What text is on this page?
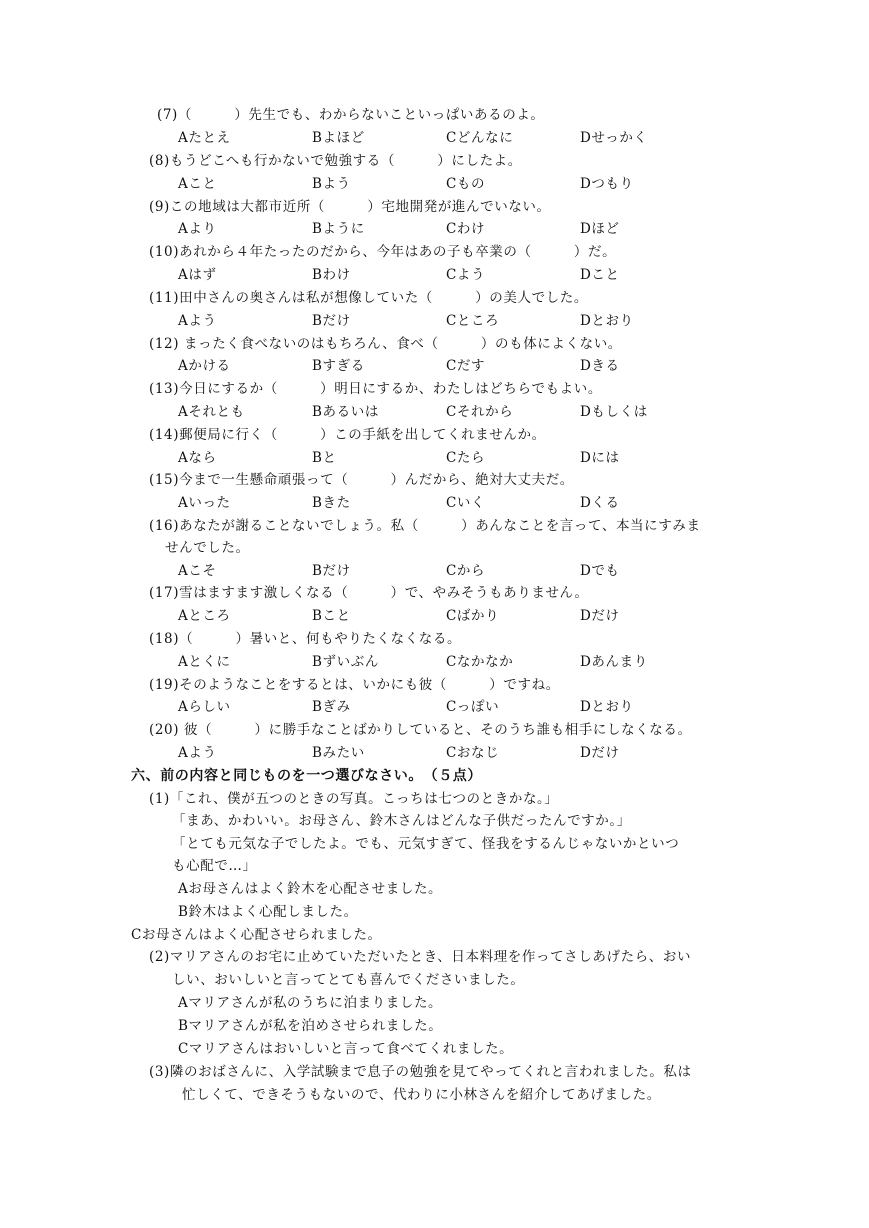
(7)（　　　）先生でも、わからないこといっぱいあるのよ。
Aたとえ	Bよほど	Cどんなに	Dせっかく
(8)もうどこへも行かないで勉強する（　　　）にしたよ。
Aこと	Bよう	Cもの	Dつもり
(9)この地域は大都市近所（　　　）宅地開発が進んでいない。
Aより	Bように	Cわけ	Dほど
(10)あれから４年たったのだから、今年はあの子も卒業の（　　　）だ。
Aはず	Bわけ	Cよう	Dこと
(11)田中さんの奥さんは私が想像していた（　　　）の美人でした。
Aよう	Bだけ	Cところ	Dとおり
(12) まったく食べないのはもちろん、食べ（　　　）のも体によくない。
Aかける	Bすぎる	Cだす	Dきる
(13)今日にするか（　　　）明日にするか、わたしはどちらでもよい。
Aそれとも	Bあるいは	Cそれから	Dもしくは
(14)郵便局に行く（　　　）この手紙を出してくれませんか。
Aなら	Bと	Cたら	Dには
(15)今まで一生懸命頑張って（　　　）んだから、絶対大丈夫だ。
Aいった	Bきた	Cいく	Dくる
(16)あなたが謝ることないでしょう。私（　　　）あんなことを言って、本当にすみま
せんでした。
Aこそ	Bだけ	Cから	Dでも
(17)雪はますます激しくなる（　　　）で、やみそうもありません。
Aところ	Bこと	Cばかり	Dだけ
(18)（　　　）暑いと、何もやりたくなくなる。
Aとくに	Bずいぶん	Cなかなか	Dあんまり
(19)そのようなことをするとは、いかにも彼（　　　）ですね。
Aらしい	Bぎみ	Cっぽい	Dとおり
(20) 彼（　　　）に勝手なことばかりしていると、そのうち誰も相手にしなくなる。
Aよう	Bみたい	Cおなじ	Dだけ
六、前の内容と同じものを一つ選びなさい。　（５点）
(1)「これ、僕が五つのときの写真。こっちは七つのときかな。」
「まあ、かわいい。お母さん、鈴木さんはどんな子供だったんですか。」
「とても元気な子でしたよ。でも、元気すぎて、怪我をするんじゃないかといつ
も心配で…」
Aお母さんはよく鈴木を心配させました。
B鈴木はよく心配しました。
Cお母さんはよく心配させられました。
(2)マリアさんのお宅に止めていただいたとき、日本料理を作ってさしあげたら、おい
しい、おいしいと言ってとても喜んでくださいました。
Aマリアさんが私のうちに泊まりました。
Bマリアさんが私を泊めさせられました。
Cマリアさんはおいしいと言って食べてくれました。
(3)隣のおばさんに、入学試験まで息子の勉強を見てやってくれと言われました。私は
忙しくて、できそうもないので、代わりに小林さんを紹介してあげました。
